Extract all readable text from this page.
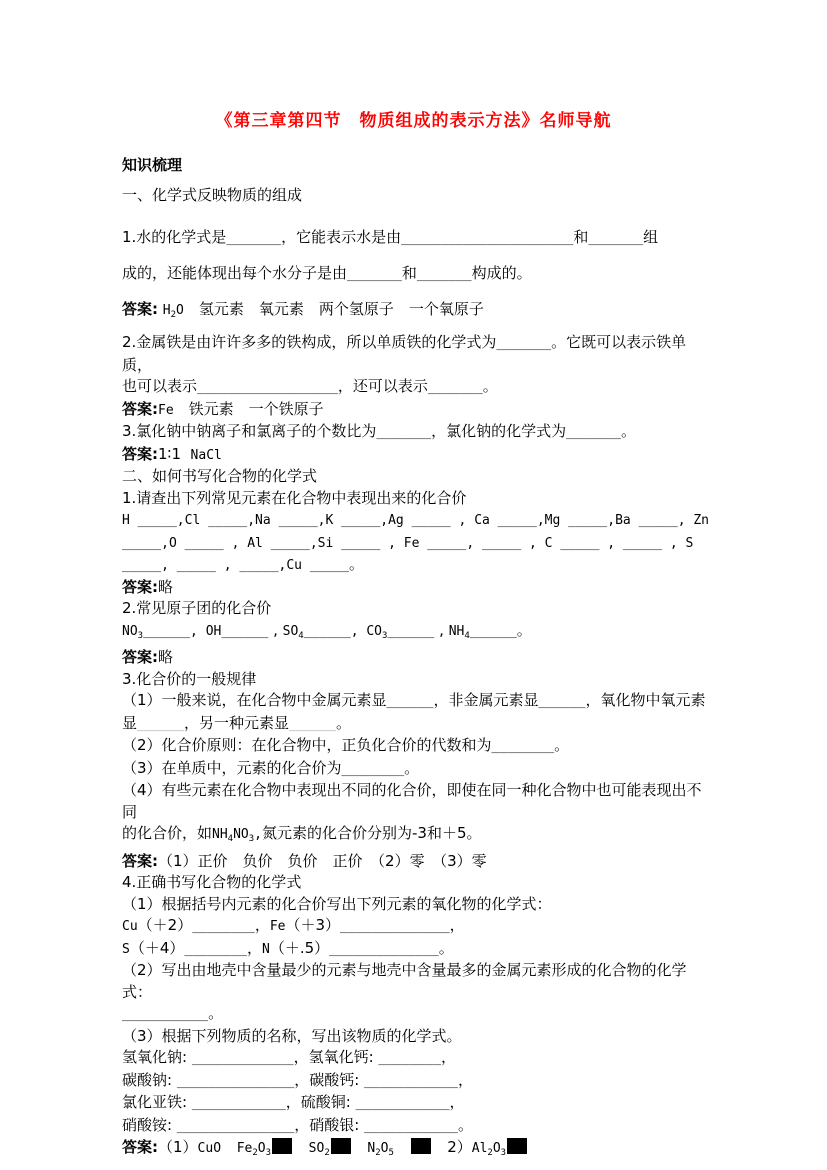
《第三章第四节　物质组成的表示方法》名师导航

知识梳理

一、化学式反映物质的组成

1.水的化学式是_______，它能表示水是由______________________和_______组

成的，还能体现出每个水分子是由_______和_______构成的。

答案: $H_2O$　氢元素　氧元素　两个氢原子　一个氧原子

2.金属铁是由许许多多的铁构成，所以单质铁的化学式为_______。它既可以表示铁单质，

也可以表示__________________，还可以表示_______。

答案:Fe　铁元素　一个铁原子

3.氯化钠中钠离子和氯离子的个数比为_______，氯化钠的化学式为_______。

答案:1∶1 NaCl

二、如何书写化合物的化学式

1.请查出下列常见元素在化合物中表现出来的化合价

H _____,Cl _____,Na _____,K _____,Ag _____ , Ca _____,Mg _____,Ba _____, Zn

_____,O _____ , Al _____,Si _____ , Fe _____, _____ , C _____ , _____ , S

_____, _____ , _____,Cu _____。

答案:略

2.常见原子团的化合价

$NO_3\_\_\_\_\_\_$, OH______ , $SO_4\_\_\_\_\_\_$, $CO_3\_\_\_\_\_\_$ , $NH_4\_\_\_\_\_\_$。

答案:略

3.化合价的一般规律

（1）一般来说，在化合物中金属元素显______，非金属元素显______，氧化物中氧元素

显______，另一种元素显______。

（2）化合价原则：在化合物中，正负化合价的代数和为________。

（3）在单质中，元素的化合价为________。

（4）有些元素在化合物中表现出不同的化合价，即使在同一种化合物中也可能表现出不同

的化合价，如$NH_4NO_3$,氮元素的化合价分别为-3和＋5。

答案:（1）正价　负价　负价　正价　（2）零　（3）零

4.正确书写化合物的化学式

（1）根据括号内元素的化合价写出下列元素的氧化物的化学式：

Cu（＋2）________，Fe（＋3）______________，

S（＋4）________，N（＋.5）______________。

（2）写出由地壳中含量最少的元素与地壳中含量最多的金属元素形成的化合物的化学式：

___________。

（3）根据下列物质的名称，写出该物质的化学式。

氢氧化钠: _____________，氢氧化钙: ________，

碳酸钠: _______________，碳酸钙: ____________，

氯化亚铁: ____________，硫酸铜: ____________，

硝酸铵: _______________，硝酸银: ____________。

答案:（1）CuO $Fe_2O_3$	$SO_2$	$N_2O_5$	$2)Al_2O_3$
